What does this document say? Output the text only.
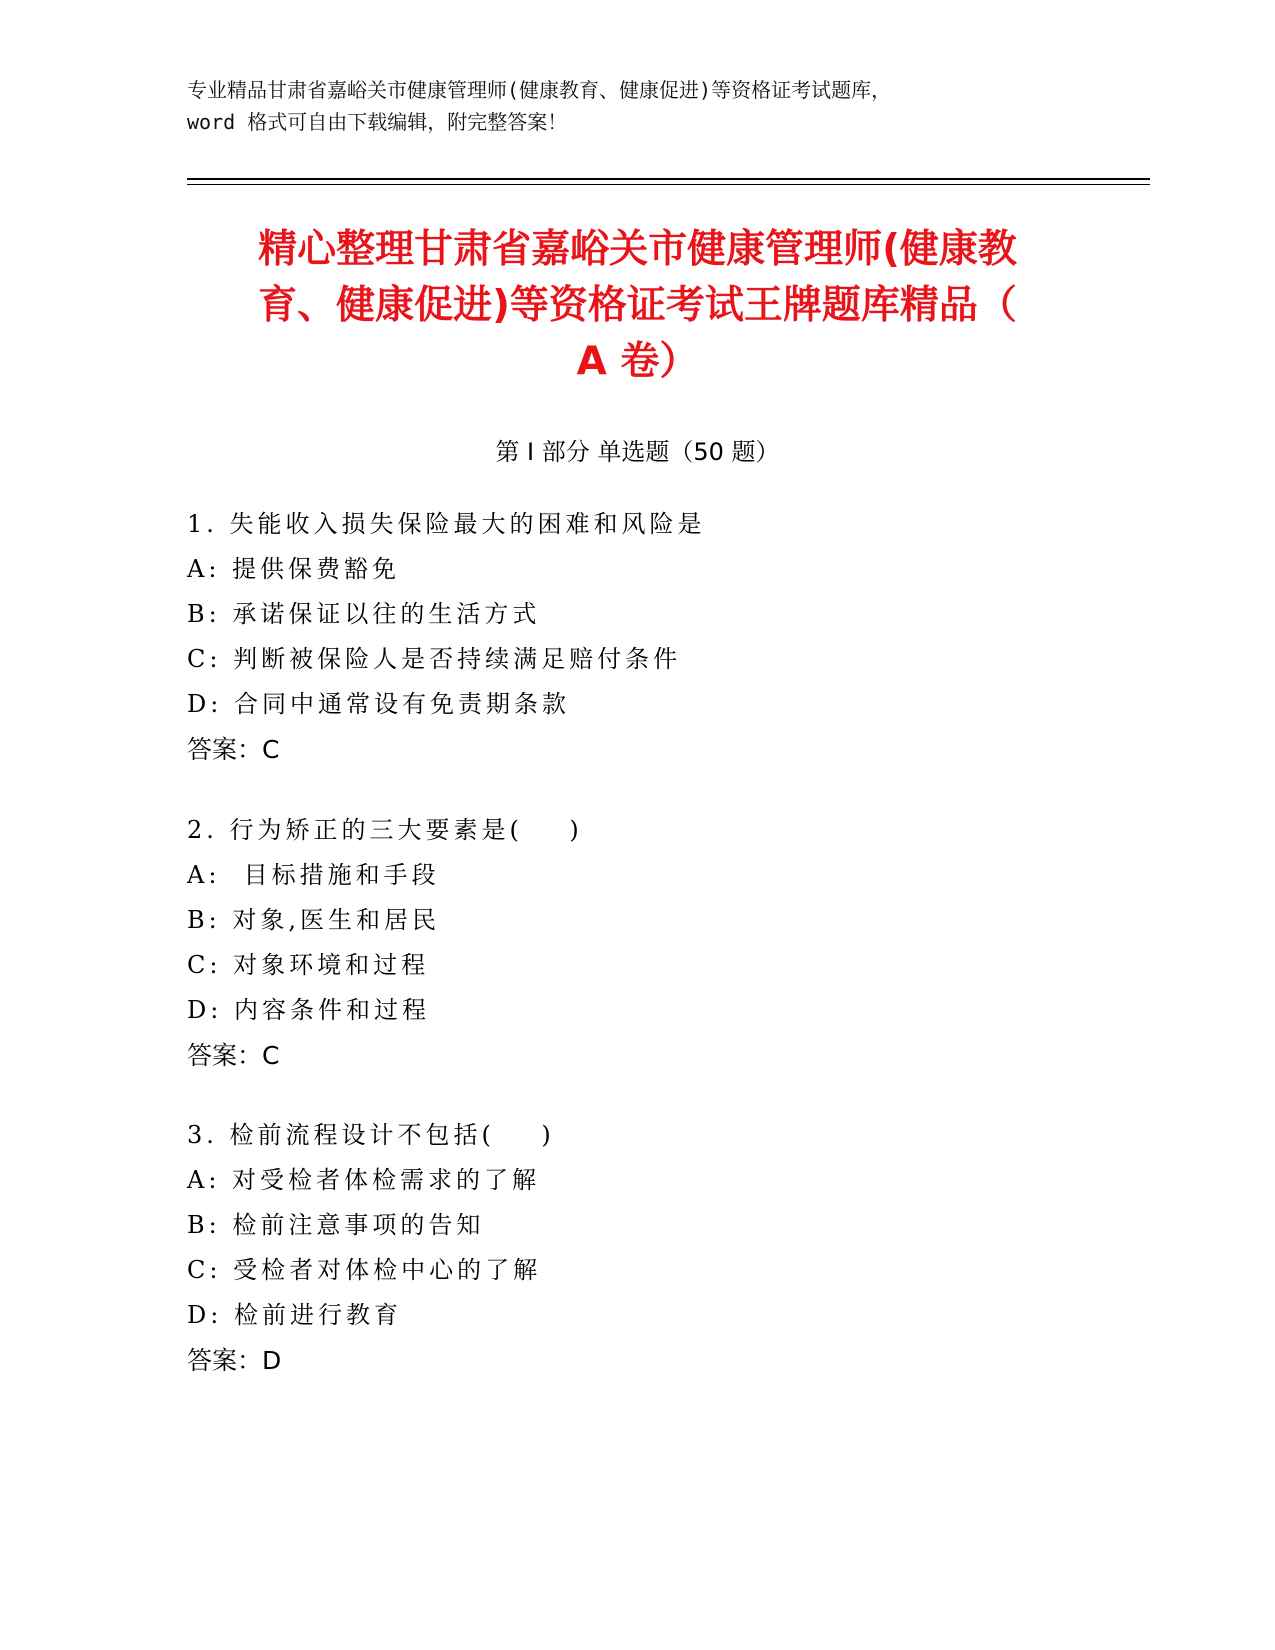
专业精品甘肃省嘉峪关市健康管理师(健康教育、健康促进)等资格证考试题库，
word 格式可自由下载编辑，附完整答案！
精心整理甘肃省嘉峪关市健康管理师(健康教
育、健康促进)等资格证考试王牌题库精品（
A 卷）
第 I 部分 单选题（50 题）
1. 失能收入损失保险最大的困难和风险是
A: 提供保费豁免
B: 承诺保证以往的生活方式
C: 判断被保险人是否持续满足赔付条件
D: 合同中通常设有免责期条款
答案：C
2. 行为矫正的三大要素是(    )
A:  目标措施和手段
B: 对象,医生和居民
C: 对象环境和过程
D: 内容条件和过程
答案：C
3. 检前流程设计不包括(    )
A: 对受检者体检需求的了解
B: 检前注意事项的告知
C: 受检者对体检中心的了解
D: 检前进行教育
答案：D
